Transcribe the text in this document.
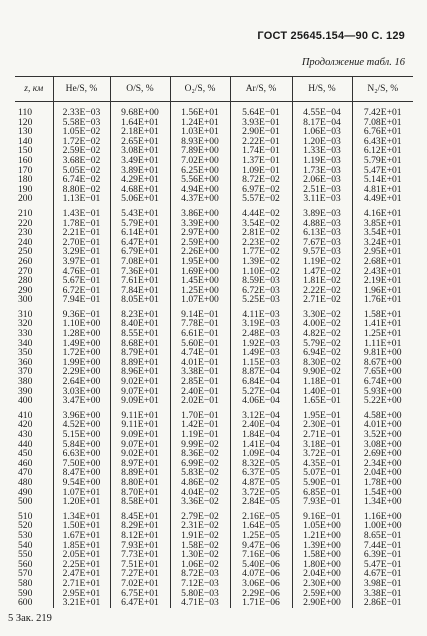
ГОСТ 25645.154—90 С. 129
Продолжение табл. 16
z, км	He/S, %	O/S, %	O₂/S, %	Ar/S, %	H/S, %	N₂/S, %
110	2.33E−03	9.68E+00	1.56E+01	5.64E−01	4.55E−04	7.42E+01
120	5.58E−03	1.64E+01	1.24E+01	3.93E−01	8.17E−04	7.08E+01
130	1.05E−02	2.18E+01	1.03E+01	2.90E−01	1.06E−03	6.76E+01
140	1.72E−02	2.65E+01	8.93E+00	2.22E−01	1.20E−03	6.43E+01
150	2.59E−02	3.08E+01	7.89E+00	1.74E−01	1.33E−03	6.12E+01
160	3.68E−02	3.49E+01	7.02E+00	1.37E−01	1.19E−03	5.79E+01
170	5.05E−02	3.89E+01	6.25E+00	1.09E−01	1.73E−03	5.47E+01
180	6.74E−02	4.29E+01	5.56E+00	8.72E−02	2.06E−03	5.14E+01
190	8.80E−02	4.68E+01	4.94E+00	6.97E−02	2.51E−03	4.81E+01
200	1.13E−01	5.06E+01	4.37E+00	5.57E−02	3.11E−03	4.49E+01
210	1.43E−01	5.43E+01	3.86E+00	4.44E−02	3.89E−03	4.16E+01
220	1.78E−01	5.79E+01	3.39E+00	3.54E−02	4.88E−03	3.85E+01
230	2.21E−01	6.14E+01	2.97E+00	2.81E−02	6.13E−03	3.54E+01
240	2.70E−01	6.47E+01	2.59E+00	2.23E−02	7.67E−03	3.24E+01
250	3.29E−01	6.79E+01	2.26E+00	1.77E−02	9.57E−03	2.95E+01
260	3.97E−01	7.08E+01	1.95E+00	1.39E−02	1.19E−02	2.68E+01
270	4.76E−01	7.36E+01	1.69E+00	1.10E−02	1.47E−02	2.43E+01
280	5.67E−01	7.61E+01	1.45E+00	8.59E−03	1.81E−02	2.19E+01
290	6.72E−01	7.84E+01	1.25E+00	6.72E−03	2.22E−02	1.96E+01
300	7.94E−01	8.05E+01	1.07E+00	5.25E−03	2.71E−02	1.76E+01
310	9.36E−01	8.23E+01	9.14E−01	4.11E−03	3.30E−02	1.58E+01
320	1.10E+00	8.40E+01	7.78E−01	3.19E−03	4.00E−02	1.41E+01
330	1.28E+00	8.55E+01	6.61E−01	2.48E−03	4.82E−02	1.25E+01
340	1.49E+00	8.68E+01	5.60E−01	1.92E−03	5.79E−02	1.11E+01
350	1.72E+00	8.79E+01	4.74E−01	1.49E−03	6.94E−02	9.81E+00
360	1.99E+00	8.89E+01	4.01E−01	1.15E−03	8.30E−02	8.67E+00
370	2.29E+00	8.96E+01	3.38E−01	8.87E−04	9.90E−02	7.65E+00
380	2.64E+00	9.02E+01	2.85E−01	6.84E−04	1.18E−01	6.74E+00
390	3.03E+00	9.07E+01	2.40E−01	5.27E−04	1.40E−01	5.93E+00
400	3.47E+00	9.09E+01	2.02E−01	4.06E−04	1.65E−01	5.22E+00
410	3.96E+00	9.11E+01	1.70E−01	3.12E−04	1.95E−01	4.58E+00
420	4.52E+00	9.11E+01	1.42E−01	2.40E−04	2.30E−01	4.01E+00
430	5.15E+00	9.09E+01	1.19E−01	1.84E−04	2.71E−01	3.52E+00
440	5.84E+00	9.07E+01	9.99E−02	1.41E−04	3.18E−01	3.08E+00
450	6.63E+00	9.02E+01	8.36E−02	1.09E−04	3.72E−01	2.69E+00
460	7.50E+00	8.97E+01	6.99E−02	8.32E−05	4.35E−01	2.34E+00
470	8.47E+00	8.89E+01	5.83E−02	6.37E−05	5.07E−01	2.04E+00
480	9.54E+00	8.80E+01	4.86E−02	4.87E−05	5.90E−01	1.78E+00
490	1.07E+01	8.70E+01	4.04E−02	3.72E−05	6.85E−01	1.54E+00
500	1.20E+01	8.58E+01	3.36E−02	2.84E−05	7.93E−01	1.34E+00
510	1.34E+01	8.45E+01	2.79E−02	2.16E−05	9.16E−01	1.16E+00
520	1.50E+01	8.29E+01	2.31E−02	1.64E−05	1.05E+00	1.00E+00
530	1.67E+01	8.12E+01	1.91E−02	1.25E−05	1.21E+00	8.65E−01
540	1.85E+01	7.93E+01	1.58E−02	9.47E−06	1.39E+00	7.44E−01
550	2.05E+01	7.73E+01	1.30E−02	7.16E−06	1.58E+00	6.39E−01
560	2.25E+01	7.51E+01	1.06E−02	5.40E−06	1.80E+00	5.47E−01
570	2.47E+01	7.27E+01	8.72E−03	4.07E−06	2.04E+00	4.67E−01
580	2.71E+01	7.02E+01	7.12E−03	3.06E−06	2.30E+00	3.98E−01
590	2.95E+01	6.75E+01	5.80E−03	2.29E−06	2.59E+00	3.38E−01
600	3.21E+01	6.47E+01	4.71E−03	1.71E−06	2.90E+00	2.86E−01
5 Зак. 219
